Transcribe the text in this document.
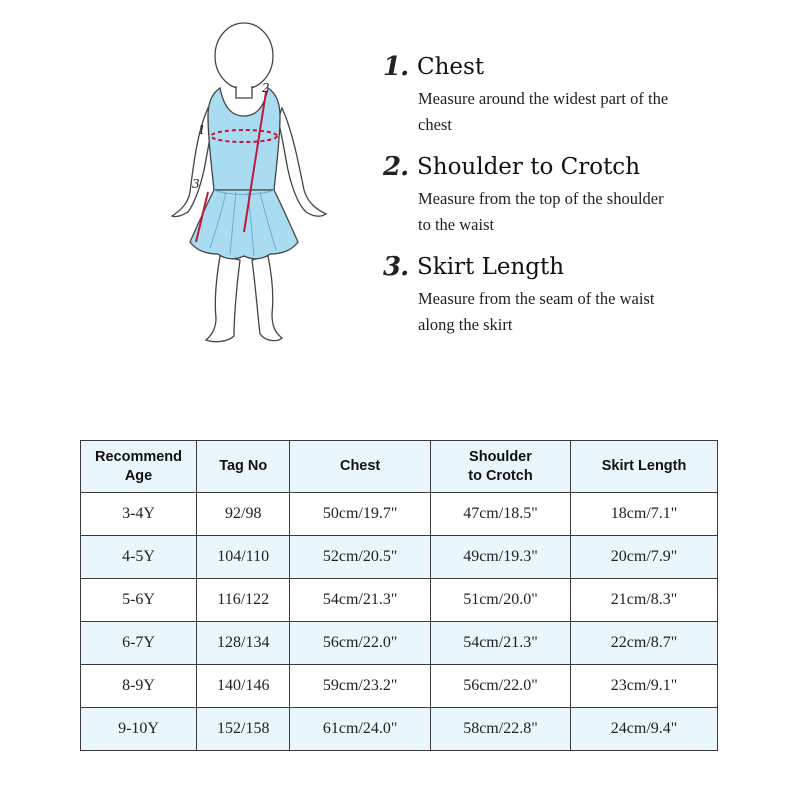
1
2
3
1. Chest
Measure around the widest part of the chest
2. Shoulder to Crotch
Measure from the top of the shoulder to the waist
3. Skirt Length
Measure from the seam of the waist along the skirt
Recommend Age	Tag No	Chest	Shoulder to Crotch	Skirt Length
3-4Y	92/98	50cm/19.7"	47cm/18.5"	18cm/7.1"
4-5Y	104/110	52cm/20.5"	49cm/19.3"	20cm/7.9"
5-6Y	116/122	54cm/21.3"	51cm/20.0"	21cm/8.3"
6-7Y	128/134	56cm/22.0"	54cm/21.3"	22cm/8.7"
8-9Y	140/146	59cm/23.2"	56cm/22.0"	23cm/9.1"
9-10Y	152/158	61cm/24.0"	58cm/22.8"	24cm/9.4"
